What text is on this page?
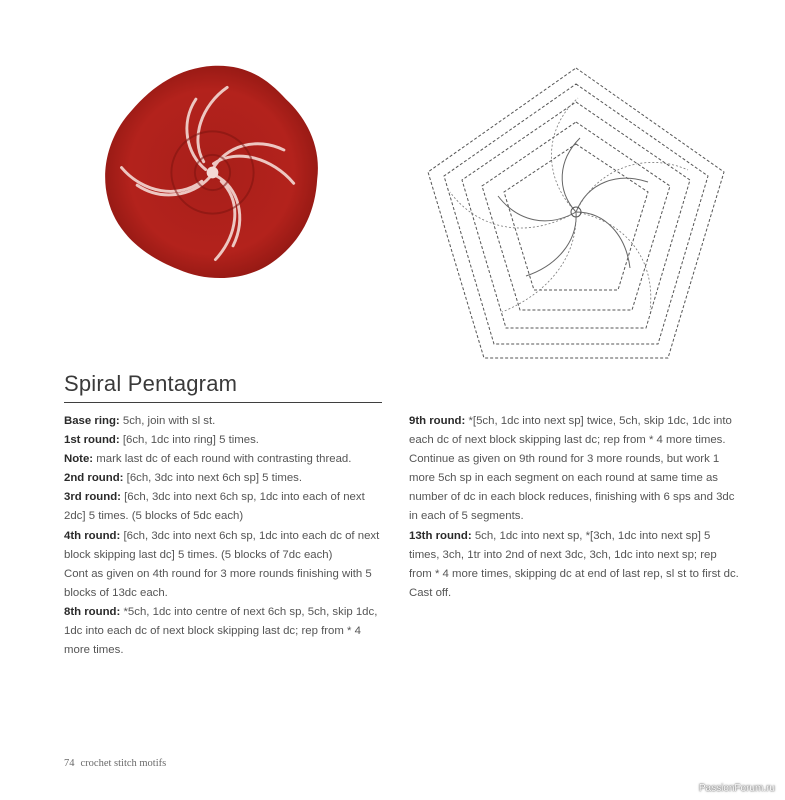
Spiral Pentagram

Base ring: 5ch, join with sl st.

1st round: [6ch, 1dc into ring] 5 times.

Note: mark last dc of each round with contrasting thread.

2nd round: [6ch, 3dc into next 6ch sp] 5 times.

3rd round: [6ch, 3dc into next 6ch sp, 1dc into each of next 2dc] 5 times. (5 blocks of 5dc each)

4th round: [6ch, 3dc into next 6ch sp, 1dc into each dc of next block skipping last dc] 5 times. (5 blocks of 7dc each)

Cont as given on 4th round for 3 more rounds finishing with 5 blocks of 13dc each.

8th round: *5ch, 1dc into centre of next 6ch sp, 5ch, skip 1dc, 1dc into each dc of next block skipping last dc; rep from * 4 more times.

9th round: *[5ch, 1dc into next sp] twice, 5ch, skip 1dc, 1dc into each dc of next block skipping last dc; rep from * 4 more times.

Continue as given on 9th round for 3 more rounds, but work 1 more 5ch sp in each segment on each round at same time as number of dc in each block reduces, finishing with 6 sps and 3dc in each of 5 segments.

13th round: 5ch, 1dc into next sp, *[3ch, 1dc into next sp] 5 times, 3ch, 1tr into 2nd of next 3dc, 3ch, 1dc into next sp; rep from * 4 more times, skipping dc at end of last rep, sl st to first dc.

Cast off.

74 crochet stitch motifs
PassionForum.ru
